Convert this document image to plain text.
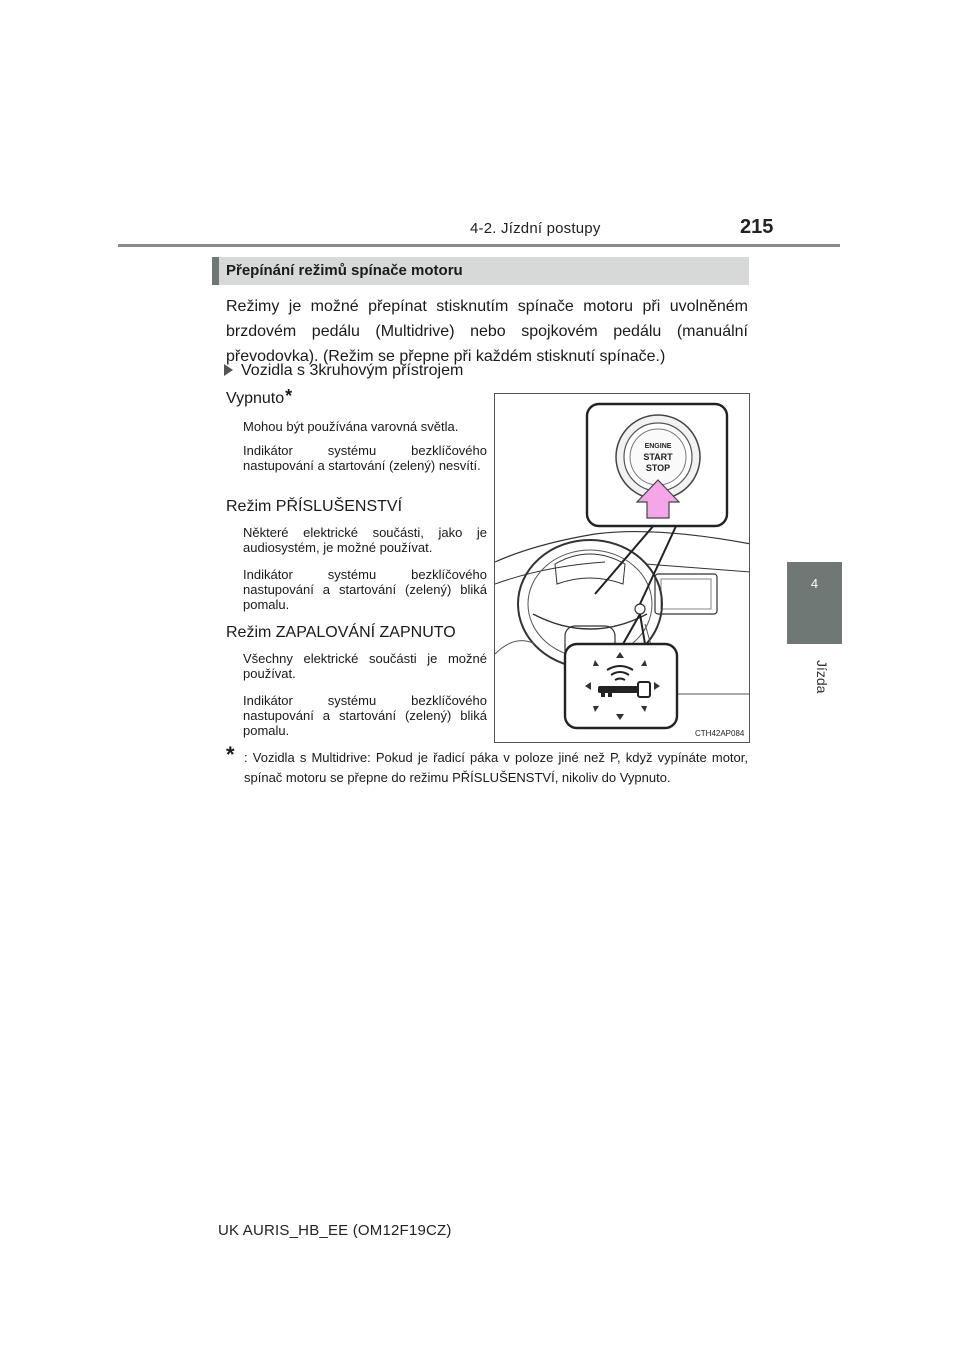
4-2. Jízdní postupy	215
4
Jízda
Přepínání režimů spínače motoru
Režimy je možné přepínat stisknutím spínače motoru při uvolněném brzdovém pedálu (Multidrive) nebo spojkovém pedálu (manuální převodovka). (Režim se přepne při každém stisknutí spínače.)
Vozidla s 3kruhovým přístrojem
Vypnuto*
Mohou být používána varovná světla.
Indikátor systému bezklíčového nastupování a startování (zelený) nesvítí.
Režim PŘÍSLUŠENSTVÍ
Některé elektrické součásti, jako je audiosystém, je možné používat.
Indikátor systému bezklíčového nastupování a startování (zelený) bliká pomalu.
Režim ZAPALOVÁNÍ ZAPNUTO
Všechny elektrické součásti je možné používat.
Indikátor systému bezklíčového nastupování a startování (zelený) bliká pomalu.
ENGINE
START
STOP
CTH42AP084
* : Vozidla s Multidrive: Pokud je řadicí páka v poloze jiné než P, když vypínáte motor, spínač motoru se přepne do režimu PŘÍSLUŠENSTVÍ, nikoliv do Vypnuto.
UK AURIS_HB_EE (OM12F19CZ)
